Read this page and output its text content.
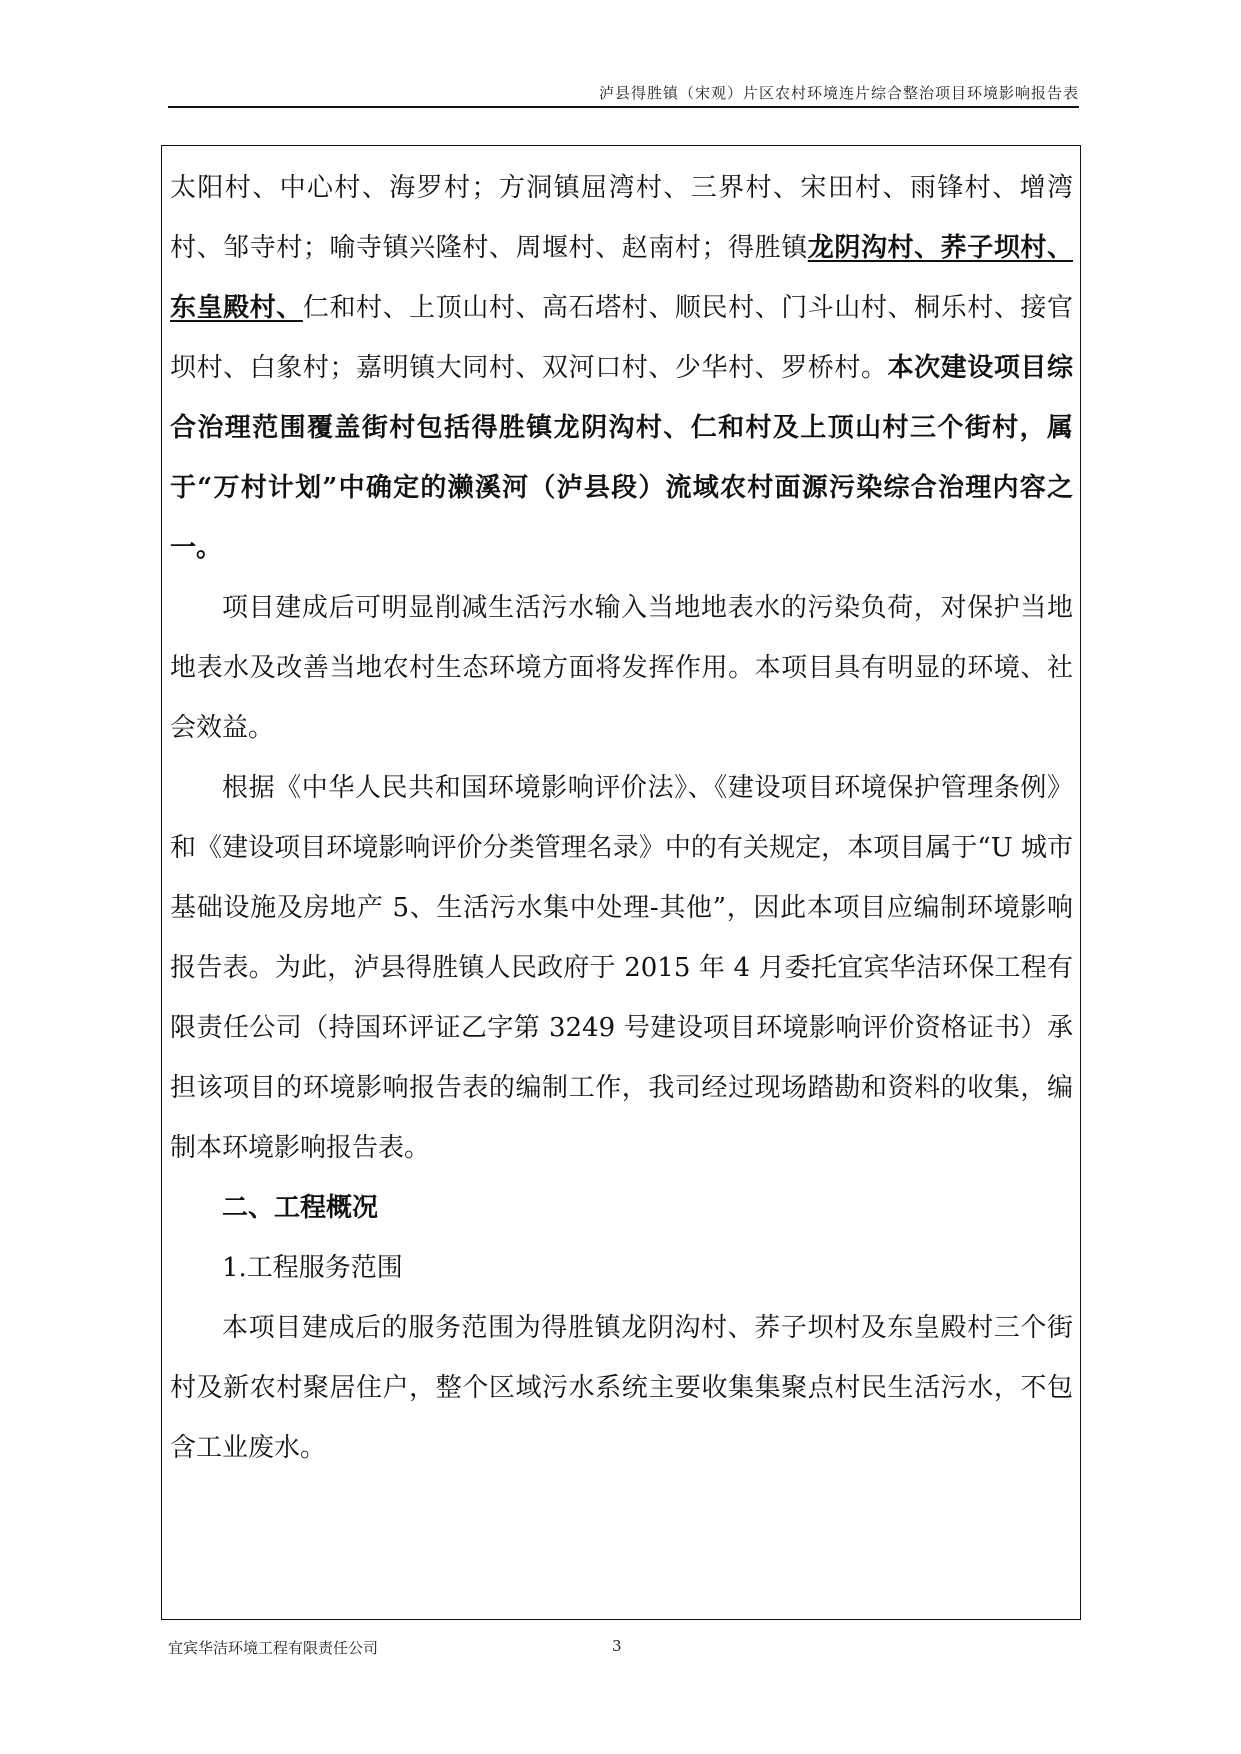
泸县得胜镇（宋观）片区农村环境连片综合整治项目环境影响报告表

太阳村、中心村、海罗村；方洞镇屈湾村、三界村、宋田村、雨锋村、增湾村、邹寺村；喻寺镇兴隆村、周堰村、赵南村；得胜镇龙阴沟村、荞子坝村、东皇殿村、仁和村、上顶山村、高石塔村、顺民村、门斗山村、桐乐村、接官坝村、白象村；嘉明镇大同村、双河口村、少华村、罗桥村。本次建设项目综合治理范围覆盖街村包括得胜镇龙阴沟村、仁和村及上顶山村三个街村，属于“万村计划”中确定的濑溪河（泸县段）流域农村面源污染综合治理内容之一。

项目建成后可明显削减生活污水输入当地地表水的污染负荷，对保护当地地表水及改善当地农村生态环境方面将发挥作用。本项目具有明显的环境、社会效益。

根据《中华人民共和国环境影响评价法》、《建设项目环境保护管理条例》和《建设项目环境影响评价分类管理名录》中的有关规定，本项目属于“U 城市基础设施及房地产 5、生活污水集中处理-其他”，因此本项目应编制环境影响报告表。为此，泸县得胜镇人民政府于 2015 年 4 月委托宜宾华洁环保工程有限责任公司（持国环评证乙字第 3249 号建设项目环境影响评价资格证书）承担该项目的环境影响报告表的编制工作，我司经过现场踏勘和资料的收集，编制本环境影响报告表。

二、工程概况

1.工程服务范围

本项目建成后的服务范围为得胜镇龙阴沟村、荞子坝村及东皇殿村三个街村及新农村聚居住户，整个区域污水系统主要收集集聚点村民生活污水，不包含工业废水。

宜宾华洁环境工程有限责任公司	3
